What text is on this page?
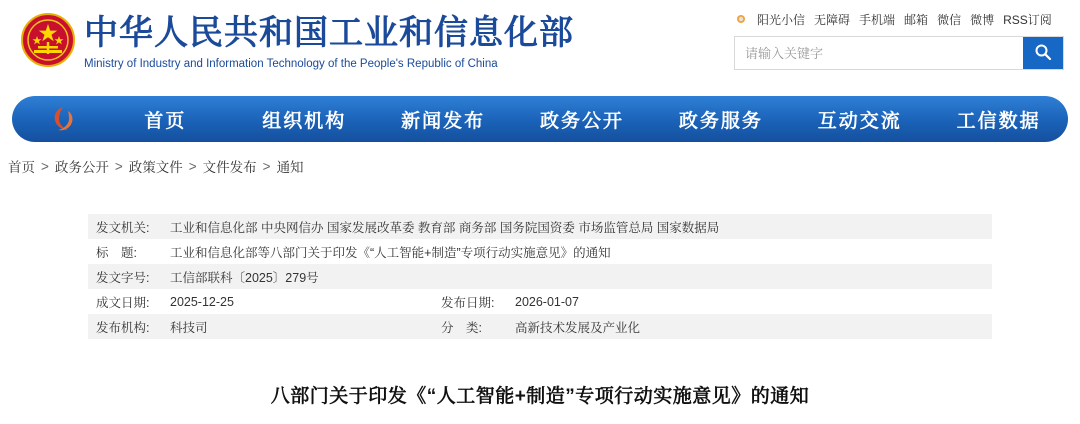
中华人民共和国工业和信息化部
Ministry of Industry and Information Technology of the People's Republic of China
阳光小信 无障碍 手机端 邮箱 微信 微博 RSS订阅
请输入关键字
首页	组织机构	新闻发布	政务公开	政务服务	互动交流	工信数据
首页 > 政务公开 > 政策文件 > 文件发布 > 通知
发文机关:	工业和信息化部 中央网信办 国家发展改革委 教育部 商务部 国务院国资委 市场监管总局 国家数据局
标　题:	工业和信息化部等八部门关于印发《“人工智能+制造”专项行动实施意见》的通知
发文字号:	工信部联科〔2025〕279号
成文日期:	2025-12-25	发布日期:	2026-01-07
发布机构:	科技司	分　类:	高新技术发展及产业化
八部门关于印发《“人工智能+制造”专项行动实施意见》的通知
